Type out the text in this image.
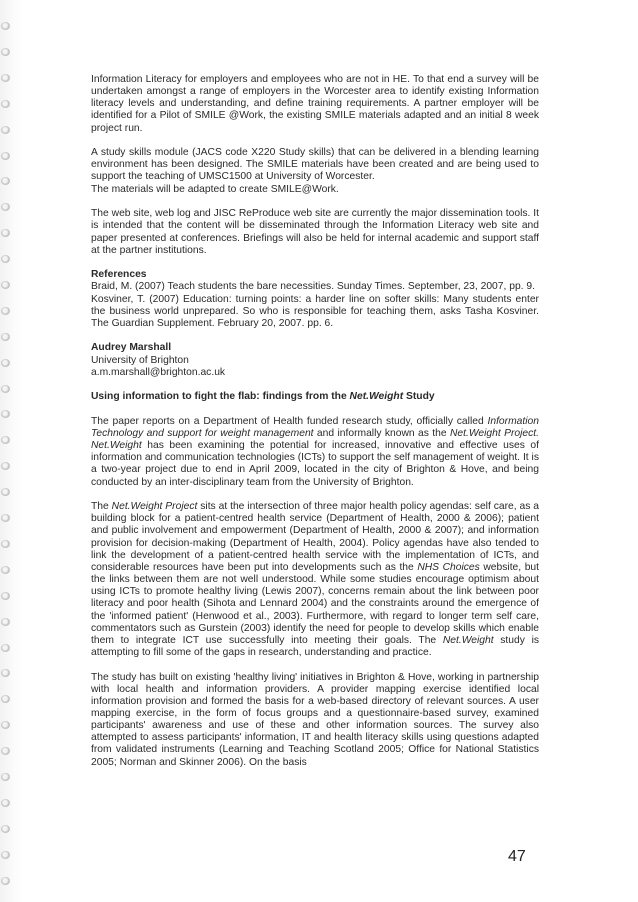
Information Literacy for employers and employees who are not in HE. To that end a survey will be undertaken amongst a range of employers in the Worcester area to identify existing Information literacy levels and understanding, and define training requirements. A partner employer will be identified for a Pilot of SMILE @Work, the existing SMILE materials adapted and an initial 8 week project run.

A study skills module (JACS code X220 Study skills) that can be delivered in a blending learning environment has been designed. The SMILE materials have been created and are being used to support the teaching of UMSC1500 at University of Worcester.

The materials will be adapted to create SMILE@Work.

The web site, web log and JISC ReProduce web site are currently the major dissemination tools. It is intended that the content will be disseminated through the Information Literacy web site and paper presented at conferences. Briefings will also be held for internal academic and support staff at the partner institutions.

References

Braid, M. (2007) Teach students the bare necessities. Sunday Times. September, 23, 2007, pp. 9.

Kosviner, T. (2007) Education: turning points: a harder line on softer skills: Many students enter the business world unprepared. So who is responsible for teaching them, asks Tasha Kosviner. The Guardian Supplement. February 20, 2007. pp. 6.

Audrey Marshall
University of Brighton
a.m.marshall@brighton.ac.uk
Using information to fight the flab: findings from the Net.Weight Study

The paper reports on a Department of Health funded research study, officially called Information Technology and support for weight management and informally known as the Net.Weight Project. Net.Weight has been examining the potential for increased, innovative and effective uses of information and communication technologies (ICTs) to support the self management of weight. It is a two-year project due to end in April 2009, located in the city of Brighton & Hove, and being conducted by an inter-disciplinary team from the University of Brighton.

The Net.Weight Project sits at the intersection of three major health policy agendas: self care, as a building block for a patient-centred health service (Department of Health, 2000 & 2006); patient and public involvement and empowerment (Department of Health, 2000 & 2007); and information provision for decision-making (Department of Health, 2004). Policy agendas have also tended to link the development of a patient-centred health service with the implementation of ICTs, and considerable resources have been put into developments such as the NHS Choices website, but the links between them are not well understood. While some studies encourage optimism about using ICTs to promote healthy living (Lewis 2007), concerns remain about the link between poor literacy and poor health (Sihota and Lennard 2004) and the constraints around the emergence of the 'informed patient' (Henwood et al., 2003). Furthermore, with regard to longer term self care, commentators such as Gurstein (2003) identify the need for people to develop skills which enable them to integrate ICT use successfully into meeting their goals. The Net.Weight study is attempting to fill some of the gaps in research, understanding and practice.

The study has built on existing 'healthy living' initiatives in Brighton & Hove, working in partnership with local health and information providers. A provider mapping exercise identified local information provision and formed the basis for a web-based directory of relevant sources. A user mapping exercise, in the form of focus groups and a questionnaire-based survey, examined participants' awareness and use of these and other information sources. The survey also attempted to assess participants' information, IT and health literacy skills using questions adapted from validated instruments (Learning and Teaching Scotland 2005; Office for National Statistics 2005; Norman and Skinner 2006). On the basis

47
